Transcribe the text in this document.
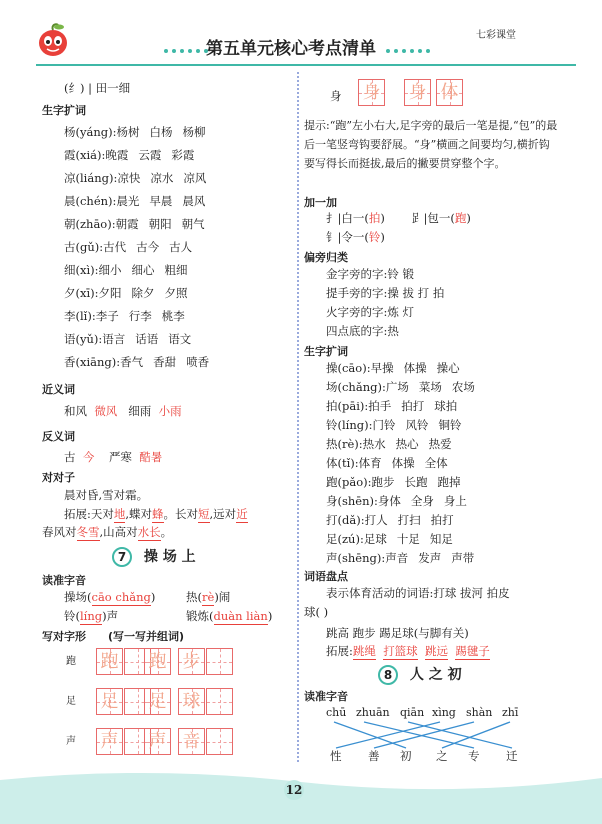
第五单元核心考点清单
七彩课堂
(纟) | 田一细
生字扩词
杨(yáng):杨树 白杨 杨柳
霞(xiá):晚霞 云霞 彩霞
凉(liáng):凉快 凉水 凉风
晨(chén):晨光 早晨 晨风
朝(zhāo):朝霞 朝阳 朝气
古(gǔ):古代 古今 古人
细(xì):细小 细心 粗细
夕(xī):夕阳 除夕 夕照
李(lǐ):李子 行李 桃李
语(yǔ):语言 话语 语文
香(xiāng):香气 香甜 喷香
近义词
和风 微风 细雨 小雨
反义词
古 今 严寒 酷暑
对对子
晨对昏,雪对霜。
拓展:天对地,蝶对蜂。长对短,远对近
春风对冬雪,山高对水长。
7 操 场 上
读准字音
操场(cāo chǎng)	热(rè)闹
铃(líng)声	锻炼(duàn liàn)
写对字形 (写一写并组词)
跑 跑 跑 步
足 足 足 球
声 声 声 音
身 身 身 体
提示:“跑”左小右大,足字旁的最后一笔是提,“包”的最后一笔竖弯钩要舒展。“身”横画之间要均匀,横折钩要写得长而挺拔,最后的撇要贯穿整个字。
加一加
扌|白一(拍) 𧾷|包一(跑)
钅|令一(铃)
偏旁归类
金字旁的字:铃 锻
提手旁的字:操 拔 打 拍
火字旁的字:炼 灯
四点底的字:热
生字扩词
操(cāo):早操 体操 操心
场(chǎng):广场 菜场 农场
拍(pāi):拍手 拍打 球拍
铃(líng):门铃 风铃 铜铃
热(rè):热水 热心 热爱
体(tǐ):体育 体操 全体
跑(pǎo):跑步 长跑 跑掉
身(shēn):身体 全身 身上
打(dǎ):打人 打扫 拍打
足(zú):足球 十足 知足
声(shēng):声音 发声 声带
词语盘点
表示体育活动的词语:打球 拔河 拍皮
球( )
跳高 跑步 踢足球(与脚有关)
拓展:跳绳 打篮球 跳远 踢毽子
8 人 之 初
读准字音
chū zhuān qiān xìng shàn zhī
性 善 初 之 专 迁
12
